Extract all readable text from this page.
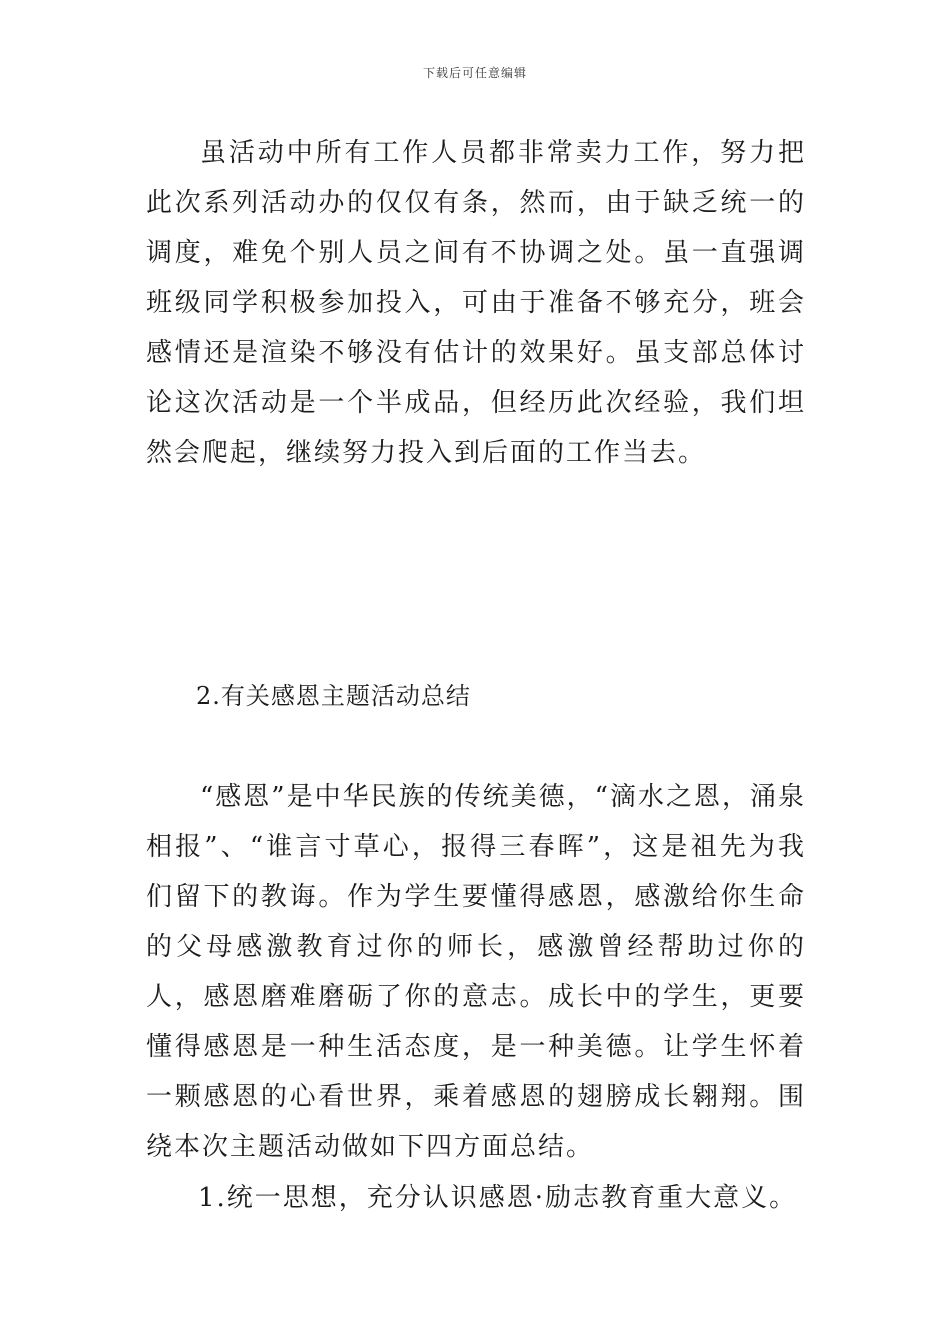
下载后可任意编辑

虽活动中所有工作人员都非常卖力工作，努力把此次系列活动办的仅仅有条，然而，由于缺乏统一的调度，难免个别人员之间有不协调之处。虽一直强调班级同学积极参加投入，可由于准备不够充分，班会感情还是渲染不够没有估计的效果好。虽支部总体讨论这次活动是一个半成品，但经历此次经验，我们坦然会爬起，继续努力投入到后面的工作当去。

2.有关感恩主题活动总结

“感恩”是中华民族的传统美德，“滴水之恩，涌泉相报”、“谁言寸草心，报得三春晖”，这是祖先为我们留下的教诲。作为学生要懂得感恩，感激给你生命的父母感激教育过你的师长，感激曾经帮助过你的人，感恩磨难磨砺了你的意志。成长中的学生，更要懂得感恩是一种生活态度，是一种美德。让学生怀着一颗感恩的心看世界，乘着感恩的翅膀成长翱翔。围绕本次主题活动做如下四方面总结。

1.统一思想，充分认识感恩·励志教育重大意义。
